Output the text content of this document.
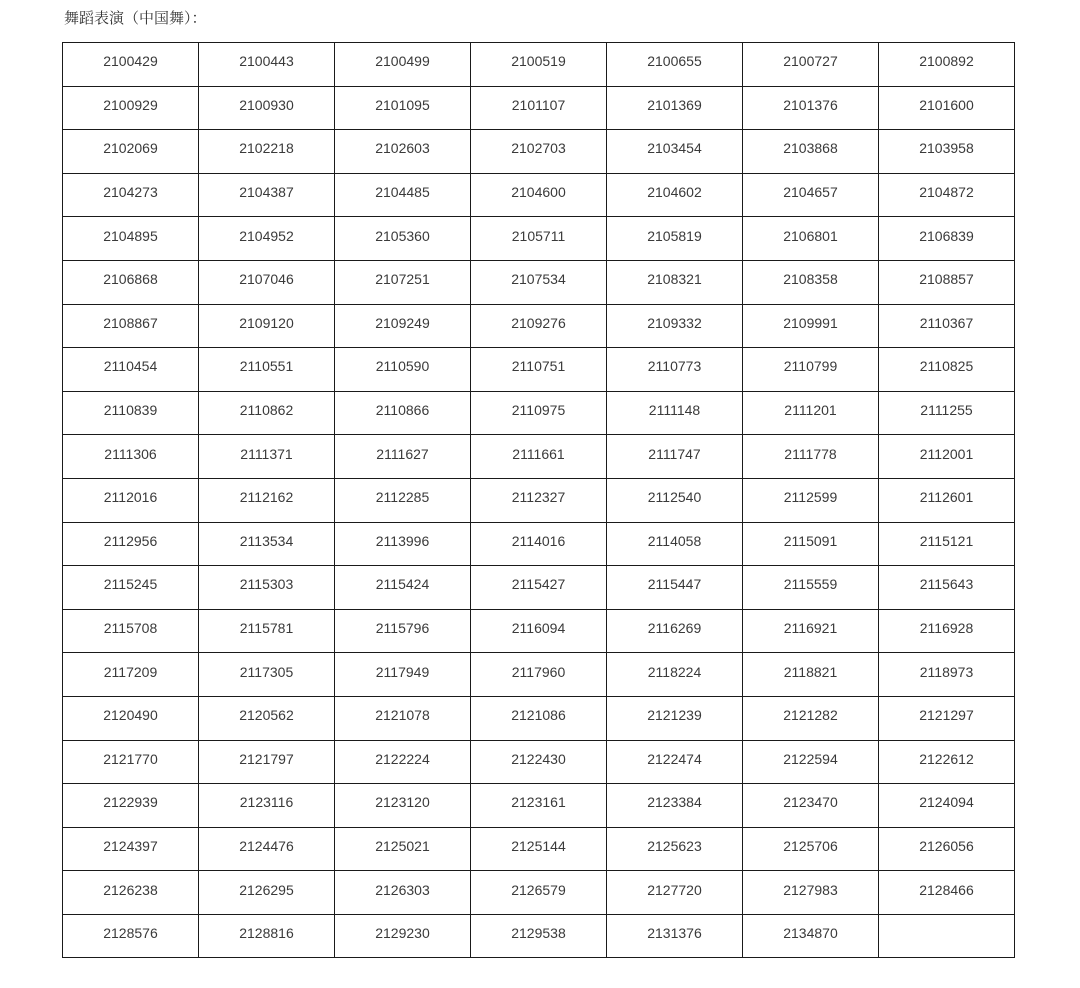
舞蹈表演（中国舞）：
2100429	2100443	2100499	2100519	2100655	2100727	2100892
2100929	2100930	2101095	2101107	2101369	2101376	2101600
2102069	2102218	2102603	2102703	2103454	2103868	2103958
2104273	2104387	2104485	2104600	2104602	2104657	2104872
2104895	2104952	2105360	2105711	2105819	2106801	2106839
2106868	2107046	2107251	2107534	2108321	2108358	2108857
2108867	2109120	2109249	2109276	2109332	2109991	2110367
2110454	2110551	2110590	2110751	2110773	2110799	2110825
2110839	2110862	2110866	2110975	2111148	2111201	2111255
2111306	2111371	2111627	2111661	2111747	2111778	2112001
2112016	2112162	2112285	2112327	2112540	2112599	2112601
2112956	2113534	2113996	2114016	2114058	2115091	2115121
2115245	2115303	2115424	2115427	2115447	2115559	2115643
2115708	2115781	2115796	2116094	2116269	2116921	2116928
2117209	2117305	2117949	2117960	2118224	2118821	2118973
2120490	2120562	2121078	2121086	2121239	2121282	2121297
2121770	2121797	2122224	2122430	2122474	2122594	2122612
2122939	2123116	2123120	2123161	2123384	2123470	2124094
2124397	2124476	2125021	2125144	2125623	2125706	2126056
2126238	2126295	2126303	2126579	2127720	2127983	2128466
2128576	2128816	2129230	2129538	2131376	2134870	
